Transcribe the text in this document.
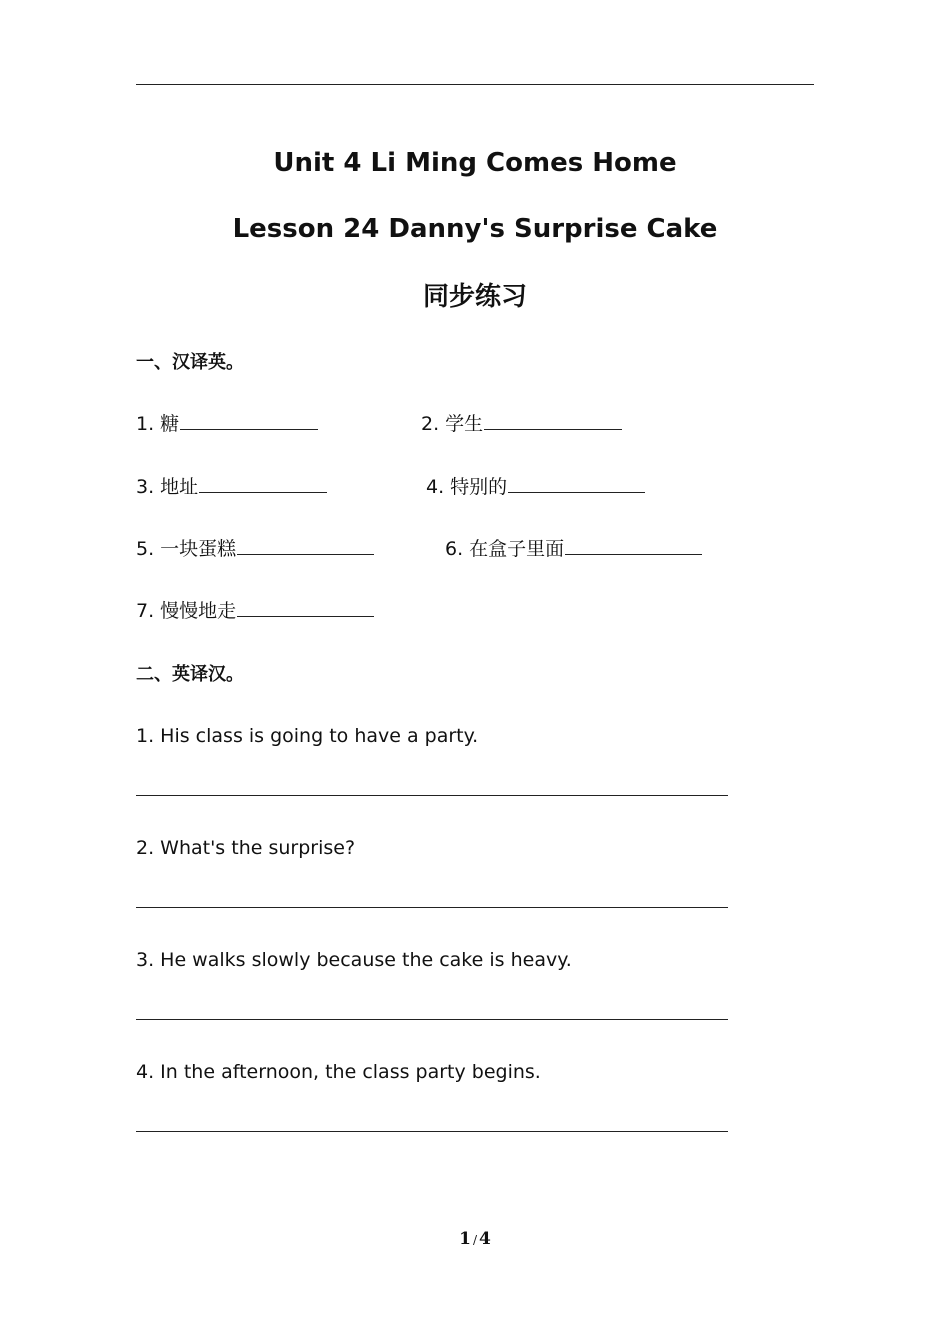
Unit 4 Li Ming Comes Home
Lesson 24 Danny's Surprise Cake
同步练习
一、汉译英。
1. 糖	2. 学生
3. 地址	4. 特别的
5. 一块蛋糕	6. 在盒子里面
7. 慢慢地走
二、英译汉。
1. His class is going to have a party.
2. What's the surprise?
3. He walks slowly because the cake is heavy.
4. In the afternoon, the class party begins.
1 / 4
